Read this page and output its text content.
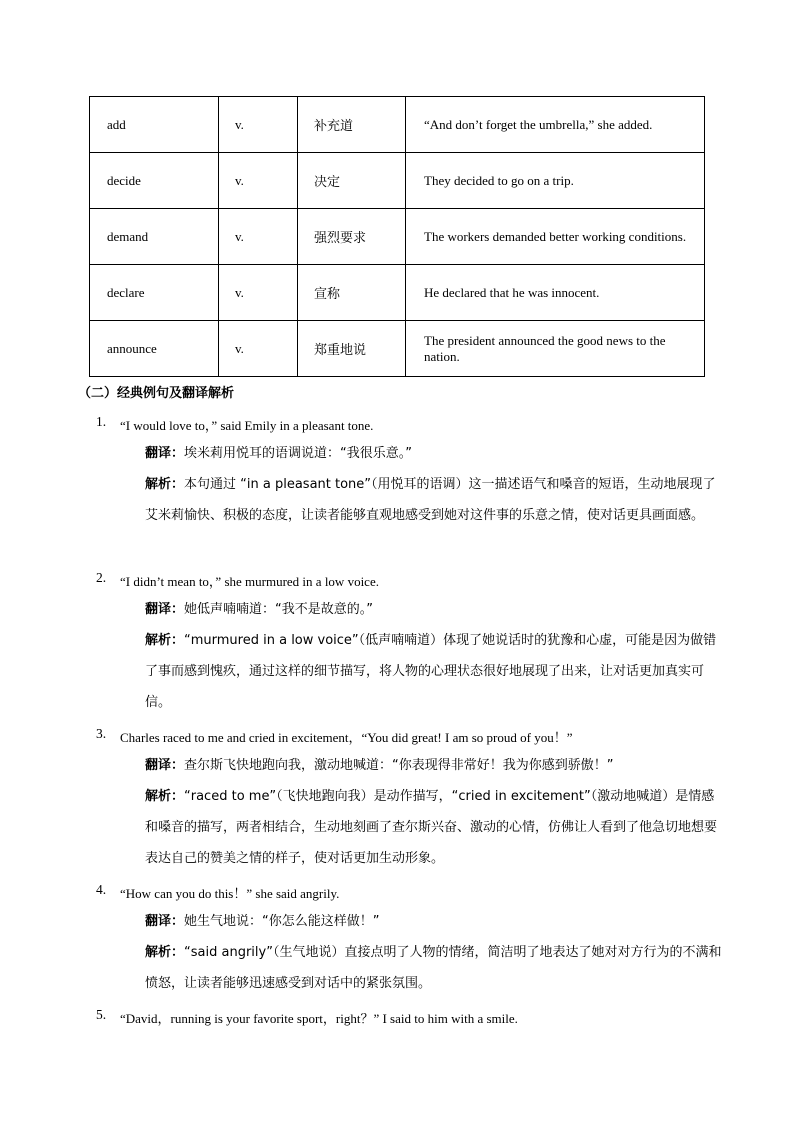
add	v.	补充道	“And don’t forget the umbrella,” she added.
decide	v.	决定	They decided to go on a trip.
demand	v.	强烈要求	The workers demanded better working conditions.
declare	v.	宣称	He declared that he was innocent.
announce	v.	郑重地说	The president announced the good news to the nation.
（二）经典例句及翻译解析
1. “I would love to，” said Emily in a pleasant tone.
翻译：埃米莉用悦耳的语调说道：“我很乐意。”
解析：本句通过 “in a pleasant tone”（用悦耳的语调）这一描述语气和嗓音的短语，生动地展现了艾米莉愉快、积极的态度，让读者能够直观地感受到她对这件事的乐意之情，使对话更具画面感。
2. “I didn’t mean to，” she murmured in a low voice.
翻译：她低声喃喃道：“我不是故意的。”
解析：“murmured in a low voice”（低声喃喃道）体现了她说话时的犹豫和心虚，可能是因为做错了事而感到愧疚，通过这样的细节描写，将人物的心理状态很好地展现了出来，让对话更加真实可信。
3. Charles raced to me and cried in excitement，“You did great! I am so proud of you！”
翻译：查尔斯飞快地跑向我，激动地喊道：“你表现得非常好！我为你感到骄傲！”
解析：“raced to me”（飞快地跑向我）是动作描写，“cried in excitement”（激动地喊道）是情感和嗓音的描写，两者相结合，生动地刻画了查尔斯兴奋、激动的心情，仿佛让人看到了他急切地想要表达自己的赞美之情的样子，使对话更加生动形象。
4. “How can you do this！” she said angrily.
翻译：她生气地说：“你怎么能这样做！”
解析：“said angrily”（生气地说）直接点明了人物的情绪，简洁明了地表达了她对对方行为的不满和愤怒，让读者能够迅速感受到对话中的紧张氛围。
5. “David，running is your favorite sport，right？” I said to him with a smile.
